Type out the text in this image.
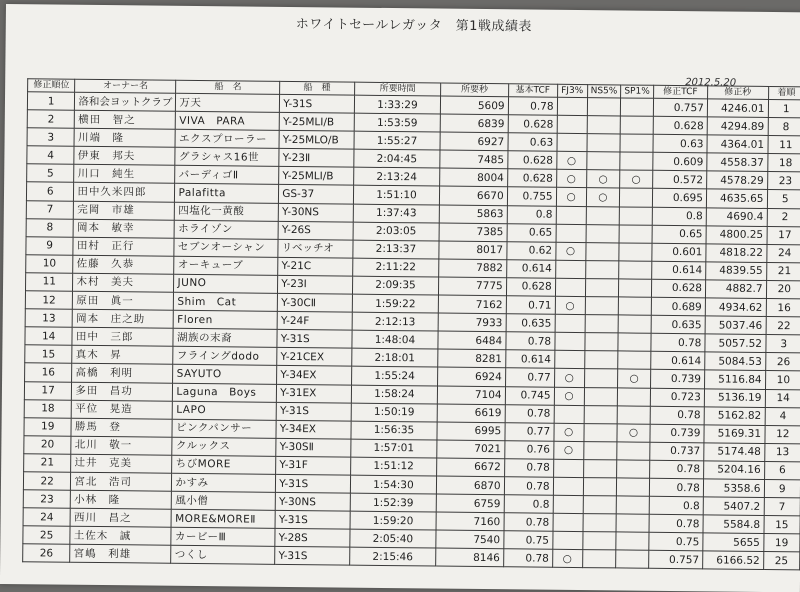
ホワイトセールレガッタ　第1戦成績表
2012.5.20
修正順位	オーナー名	船　名	船　種	所要時間	所要秒	基本TCF	FJ3%	NS5%	SP1%	修正TCF	修正秒	着順
1	洛和会ヨットクラブ	万天	Y-31S	1:33:29	5609	0.78				0.757	4246.01	1
2	横田　智之	VIVA　PARA	Y-25MLI/B	1:53:59	6839	0.628				0.628	4294.89	8
3	川端　隆	エクスプローラー	Y-25MLO/B	1:55:27	6927	0.63				0.63	4364.01	11
4	伊東　邦夫	グラシャス16世	Y-23Ⅱ	2:04:45	7485	0.628	○			0.609	4558.37	18
5	川口　純生	バーディゴⅡ	Y-25MLI/B	2:13:24	8004	0.628	○	○	○	0.572	4578.29	23
6	田中久米四郎	Palafitta	GS-37	1:51:10	6670	0.755	○	○		0.695	4635.65	5
7	完岡　市雄	四塩化一黄酸	Y-30NS	1:37:43	5863	0.8				0.8	4690.4	2
8	岡本　敏幸	ホライゾン	Y-26S	2:03:05	7385	0.65				0.65	4800.25	17
9	田村　正行	セブンオーシャン	リベッチオ	2:13:37	8017	0.62	○			0.601	4818.22	24
10	佐藤　久恭	オーキューブ	Y-21C	2:11:22	7882	0.614				0.614	4839.55	21
11	木村　美夫	JUNO	Y-23Ⅰ	2:09:35	7775	0.628				0.628	4882.7	20
12	原田　眞一	Shim　Cat	Y-30CⅡ	1:59:22	7162	0.71	○			0.689	4934.62	16
13	岡本　庄之助	Floren	Y-24F	2:12:13	7933	0.635				0.635	5037.46	22
14	田中　三郎	湖族の末裔	Y-31S	1:48:04	6484	0.78				0.78	5057.52	3
15	真木　昇	フライングdodo	Y-21CEX	2:18:01	8281	0.614				0.614	5084.53	26
16	高橋　利明	SAYUTO	Y-34EX	1:55:24	6924	0.77	○		○	0.739	5116.84	10
17	多田　昌功	Laguna　Boys	Y-31EX	1:58:24	7104	0.745	○			0.723	5136.19	14
18	平位　晃造	LAPO	Y-31S	1:50:19	6619	0.78				0.78	5162.82	4
19	勝馬　登	ピンクパンサー	Y-34EX	1:56:35	6995	0.77	○		○	0.739	5169.31	12
20	北川　敬一	クルックス	Y-30SⅡ	1:57:01	7021	0.76	○			0.737	5174.48	13
21	辻井　克美	ちびMORE	Y-31F	1:51:12	6672	0.78				0.78	5204.16	6
22	宮北　浩司	かすみ	Y-31S	1:54:30	6870	0.78				0.78	5358.6	9
23	小林　隆	風小僧	Y-30NS	1:52:39	6759	0.8				0.8	5407.2	7
24	西川　昌之	MORE&MOREⅡ	Y-31S	1:59:20	7160	0.78				0.78	5584.8	15
25	土佐木　誠	カービーⅢ	Y-28S	2:05:40	7540	0.75				0.75	5655	19
26	宮嶋　利雄	つくし	Y-31S	2:15:46	8146	0.78	○			0.757	6166.52	25
